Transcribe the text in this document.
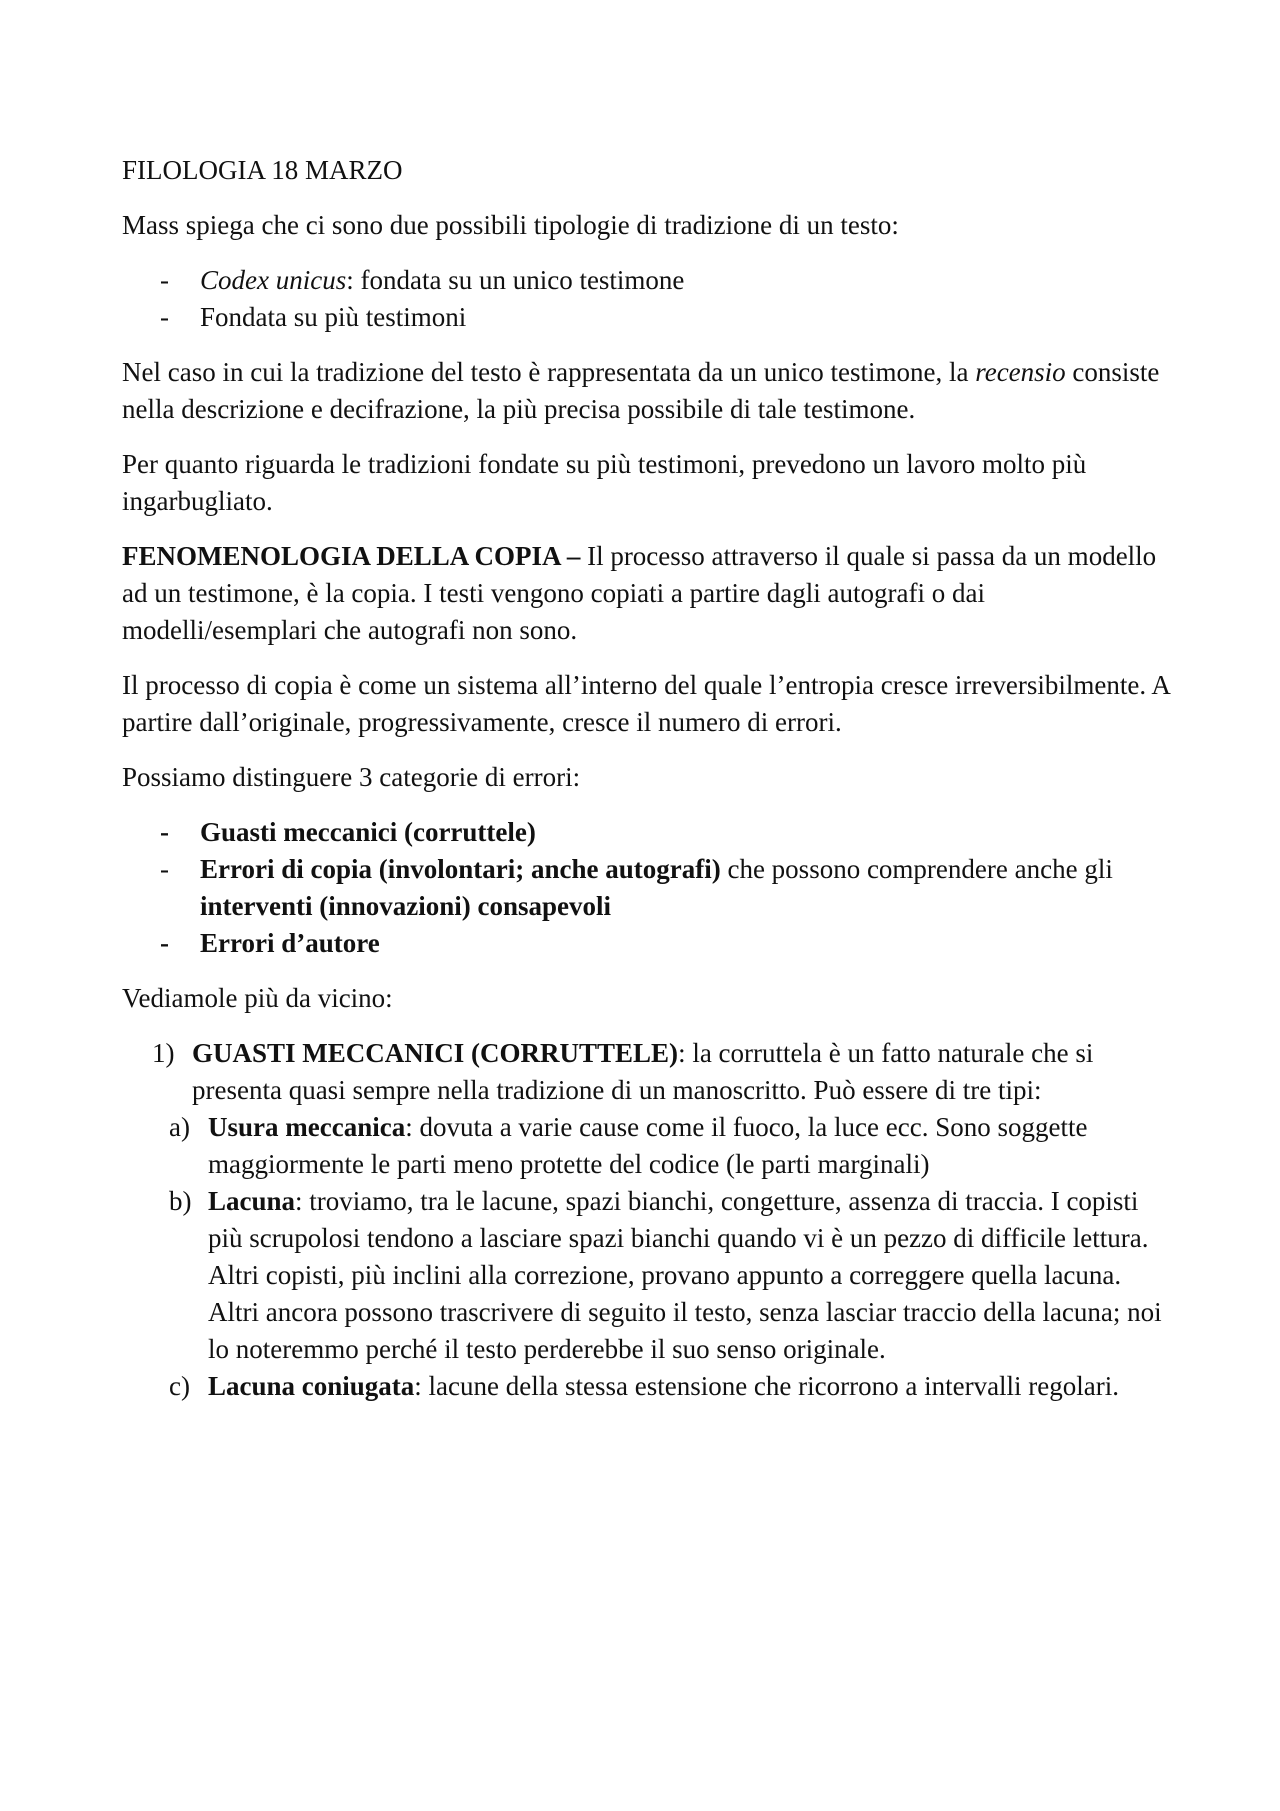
FILOLOGIA 18 MARZO

Mass spiega che ci sono due possibili tipologie di tradizione di un testo:

- Codex unicus: fondata su un unico testimone
- Fondata su più testimoni

Nel caso in cui la tradizione del testo è rappresentata da un unico testimone, la recensio consiste nella descrizione e decifrazione, la più precisa possibile di tale testimone.

Per quanto riguarda le tradizioni fondate su più testimoni, prevedono un lavoro molto più ingarbugliato.

FENOMENOLOGIA DELLA COPIA – Il processo attraverso il quale si passa da un modello ad un testimone, è la copia. I testi vengono copiati a partire dagli autografi o dai modelli/esemplari che autografi non sono.

Il processo di copia è come un sistema all’interno del quale l’entropia cresce irreversibilmente. A partire dall’originale, progressivamente, cresce il numero di errori.

Possiamo distinguere 3 categorie di errori:

- Guasti meccanici (corruttele)
- Errori di copia (involontari; anche autografi) che possono comprendere anche gli interventi (innovazioni) consapevoli
- Errori d’autore

Vediamole più da vicino:

1) GUASTI MECCANICI (CORRUTTELE): la corruttela è un fatto naturale che si presenta quasi sempre nella tradizione di un manoscritto. Può essere di tre tipi:
a) Usura meccanica: dovuta a varie cause come il fuoco, la luce ecc. Sono soggette maggiormente le parti meno protette del codice (le parti marginali)
b) Lacuna: troviamo, tra le lacune, spazi bianchi, congetture, assenza di traccia. I copisti più scrupolosi tendono a lasciare spazi bianchi quando vi è un pezzo di difficile lettura. Altri copisti, più inclini alla correzione, provano appunto a correggere quella lacuna. Altri ancora possono trascrivere di seguito il testo, senza lasciar traccio della lacuna; noi lo noteremmo perché il testo perderebbe il suo senso originale.
c) Lacuna coniugata: lacune della stessa estensione che ricorrono a intervalli regolari.
